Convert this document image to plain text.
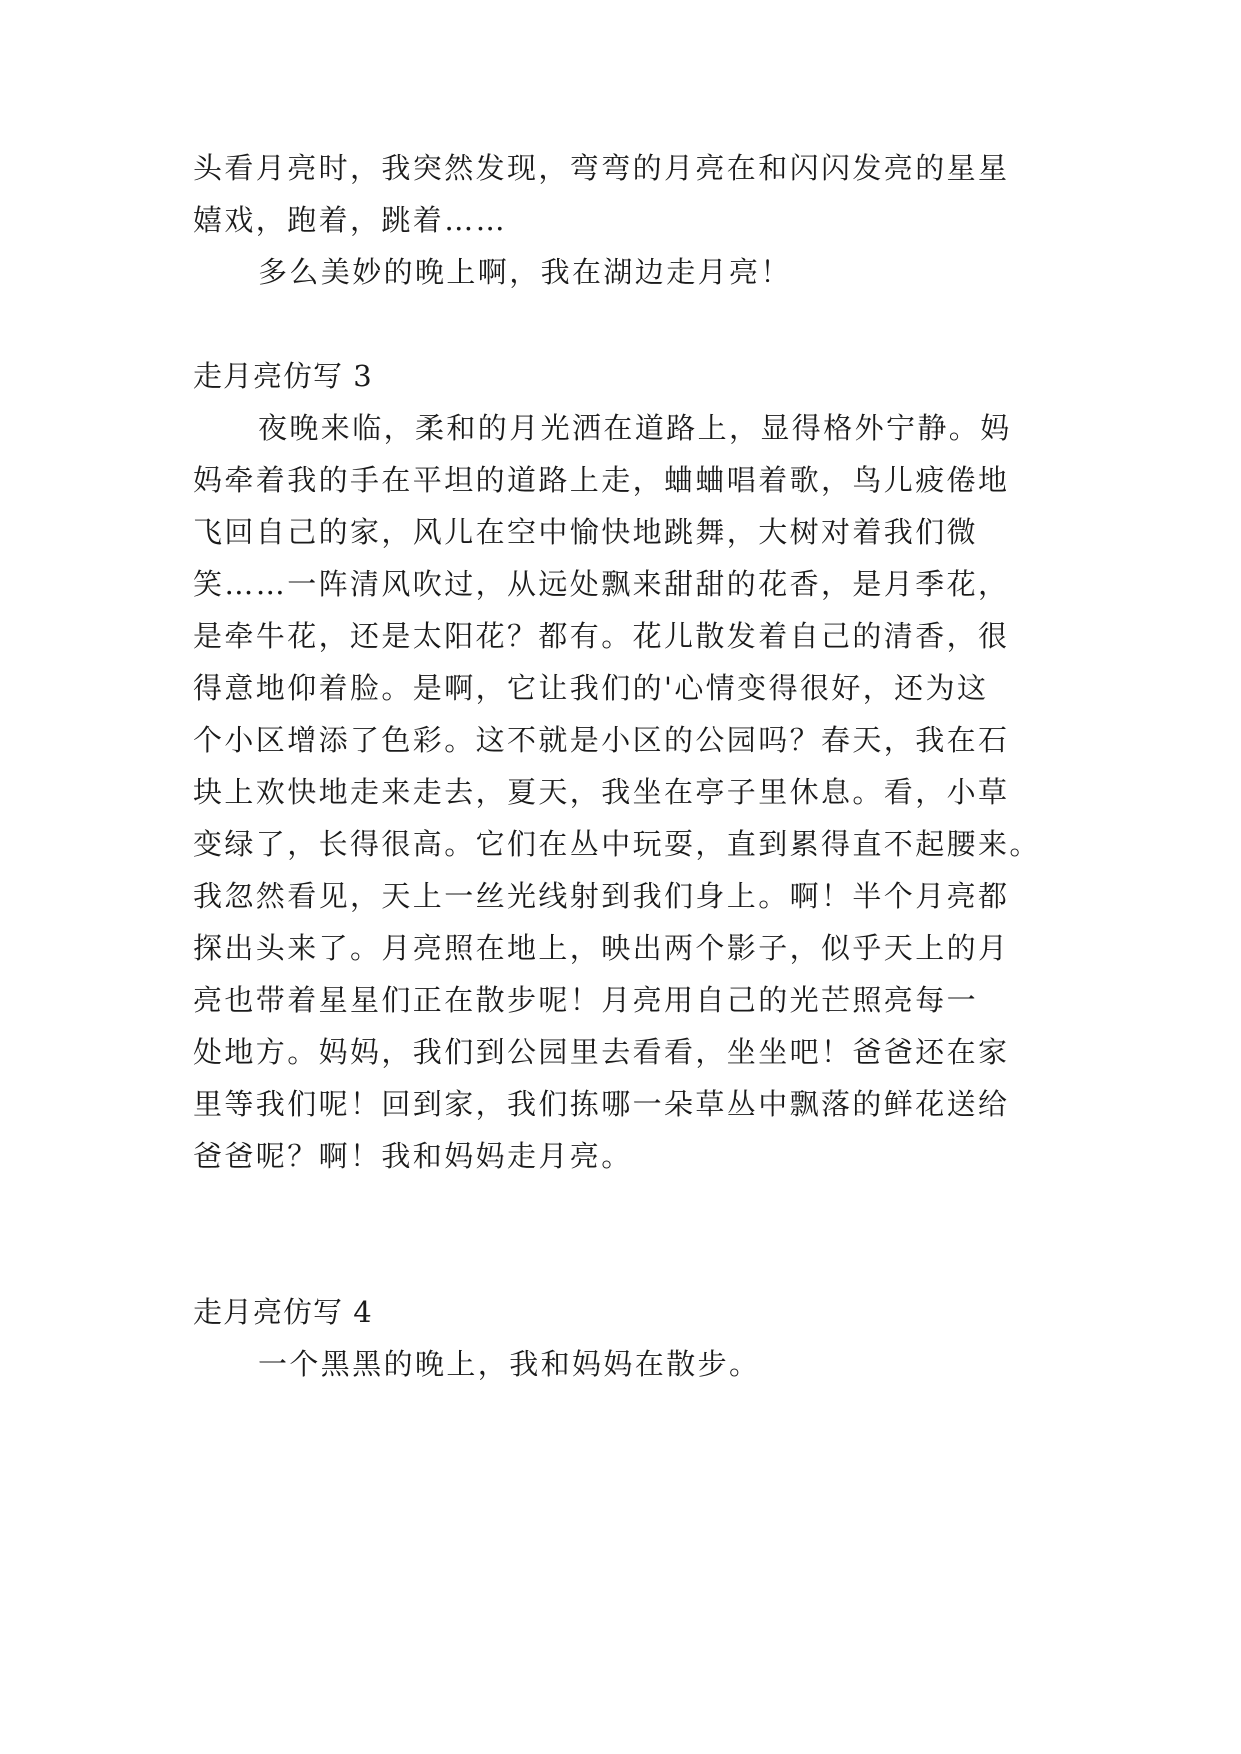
头看月亮时，我突然发现，弯弯的月亮在和闪闪发亮的星星
嬉戏，跑着，跳着……
多么美妙的晚上啊，我在湖边走月亮！
走月亮仿写 3
夜晚来临，柔和的月光洒在道路上，显得格外宁静。妈
妈牵着我的手在平坦的道路上走，蛐蛐唱着歌，鸟儿疲倦地
飞回自己的家，风儿在空中愉快地跳舞，大树对着我们微
笑……一阵清风吹过，从远处飘来甜甜的花香，是月季花，
是牵牛花，还是太阳花？都有。花儿散发着自己的清香，很
得意地仰着脸。是啊，它让我们的'心情变得很好，还为这
个小区增添了色彩。这不就是小区的公园吗？春天，我在石
块上欢快地走来走去，夏天，我坐在亭子里休息。看，小草
变绿了，长得很高。它们在丛中玩耍，直到累得直不起腰来。
我忽然看见，天上一丝光线射到我们身上。啊！半个月亮都
探出头来了。月亮照在地上，映出两个影子，似乎天上的月
亮也带着星星们正在散步呢！月亮用自己的光芒照亮每一
处地方。妈妈，我们到公园里去看看，坐坐吧！爸爸还在家
里等我们呢！回到家，我们拣哪一朵草丛中飘落的鲜花送给
爸爸呢？啊！我和妈妈走月亮。
走月亮仿写 4
一个黑黑的晚上，我和妈妈在散步。
